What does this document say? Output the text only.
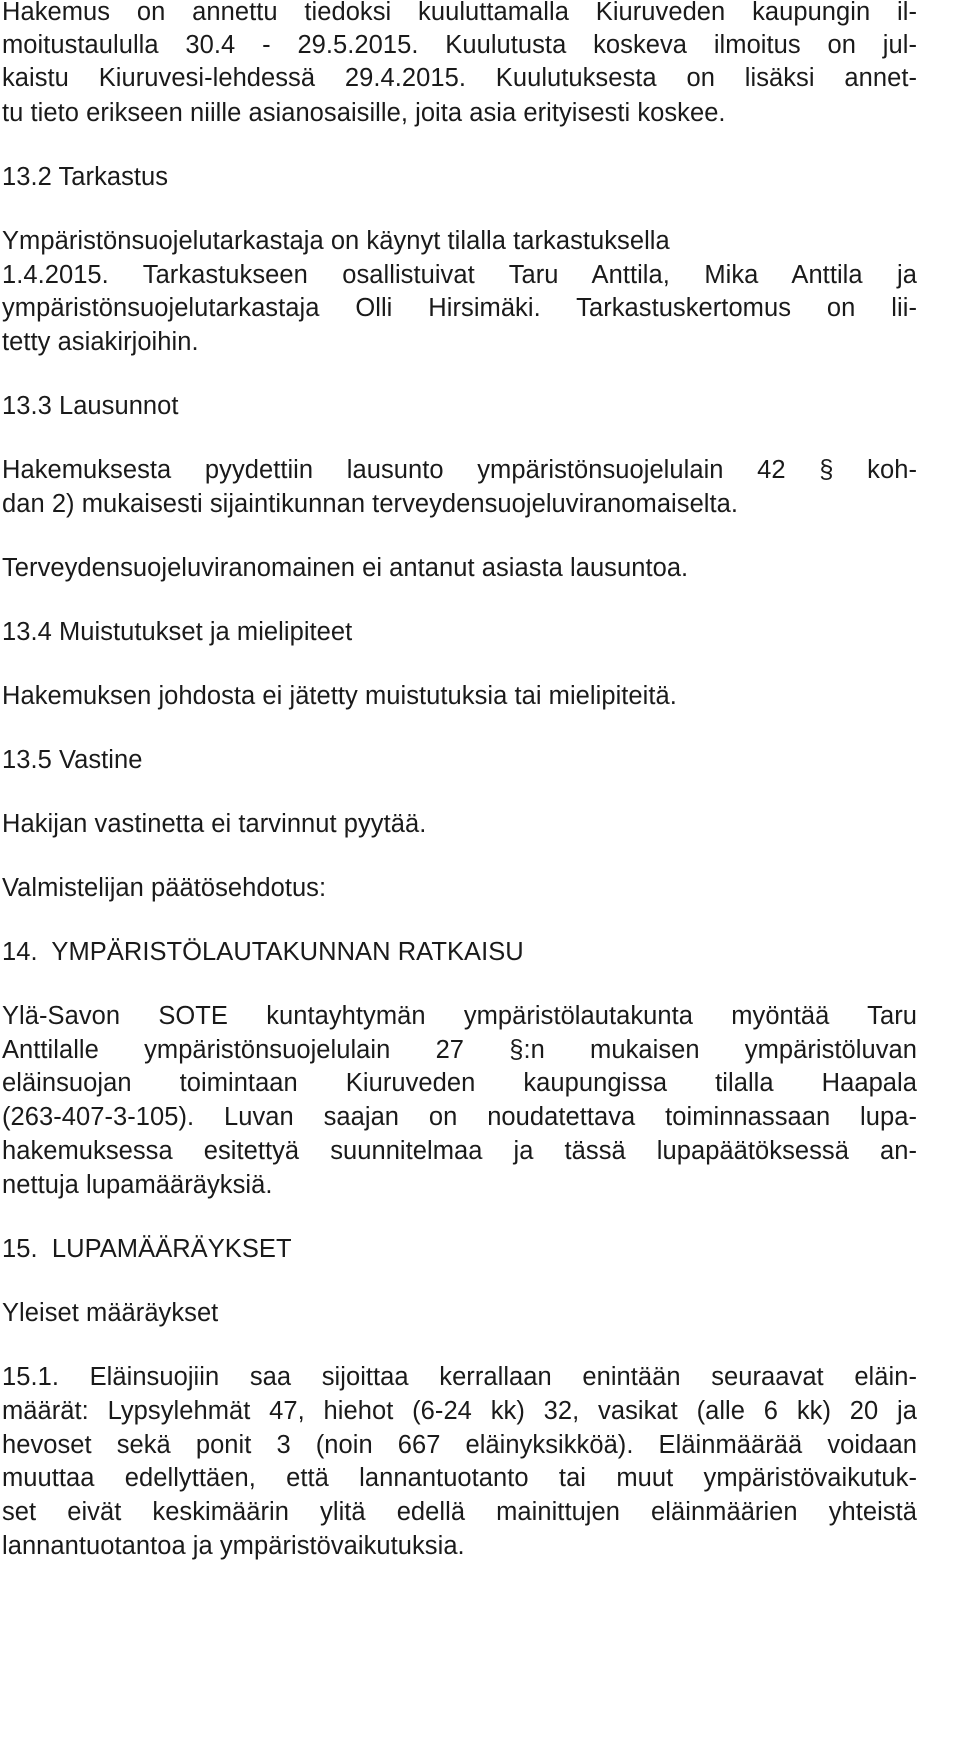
Hakemus on annettu tiedoksi kuuluttamalla Kiuruveden kaupungin il-

moitustaululla 30.4 - 29.5.2015. Kuulutusta koskeva ilmoitus on jul-

kaistu Kiuruvesi-lehdessä 29.4.2015. Kuulutuksesta on lisäksi annet-

tu tieto erikseen niille asianosaisille, joita asia erityisesti koskee.

13.2 Tarkastus

Ympäristönsuojelutarkastaja on käynyt tilalla tarkastuksella

1.4.2015. Tarkastukseen osallistuivat Taru Anttila, Mika Anttila ja

ympäristönsuojelutarkastaja Olli Hirsimäki. Tarkastuskertomus on lii-

tetty asiakirjoihin.

13.3 Lausunnot

Hakemuksesta pyydettiin lausunto ympäristönsuojelulain 42 § koh-

dan 2) mukaisesti sijaintikunnan terveydensuojeluviranomaiselta.

Terveydensuojeluviranomainen ei antanut asiasta lausuntoa.

13.4 Muistutukset ja mielipiteet

Hakemuksen johdosta ei jätetty muistutuksia tai mielipiteitä.

13.5 Vastine

Hakijan vastinetta ei tarvinnut pyytää.

Valmistelijan päätösehdotus:

14.  YMPÄRISTÖLAUTAKUNNAN RATKAISU

Ylä-Savon SOTE kuntayhtymän ympäristölautakunta myöntää Taru

Anttilalle ympäristönsuojelulain 27 §:n mukaisen ympäristöluvan

eläinsuojan toimintaan Kiuruveden kaupungissa tilalla Haapala

(263-407-3-105). Luvan saajan on noudatettava toiminnassaan lupa-

hakemuksessa esitettyä suunnitelmaa ja tässä lupapäätöksessä an-

nettuja lupamääräyksiä.

15.  LUPAMÄÄRÄYKSET

Yleiset määräykset

15.1. Eläinsuojiin saa sijoittaa kerrallaan enintään seuraavat eläin-

määrät: Lypsylehmät 47, hiehot (6-24 kk) 32, vasikat (alle 6 kk) 20 ja

hevoset sekä ponit 3 (noin 667 eläinyksikköä). Eläinmäärää voidaan

muuttaa edellyttäen, että lannantuotanto tai muut ympäristövaikutuk-

set eivät keskimäärin ylitä edellä mainittujen eläinmäärien yhteistä

lannantuotantoa ja ympäristövaikutuksia.
